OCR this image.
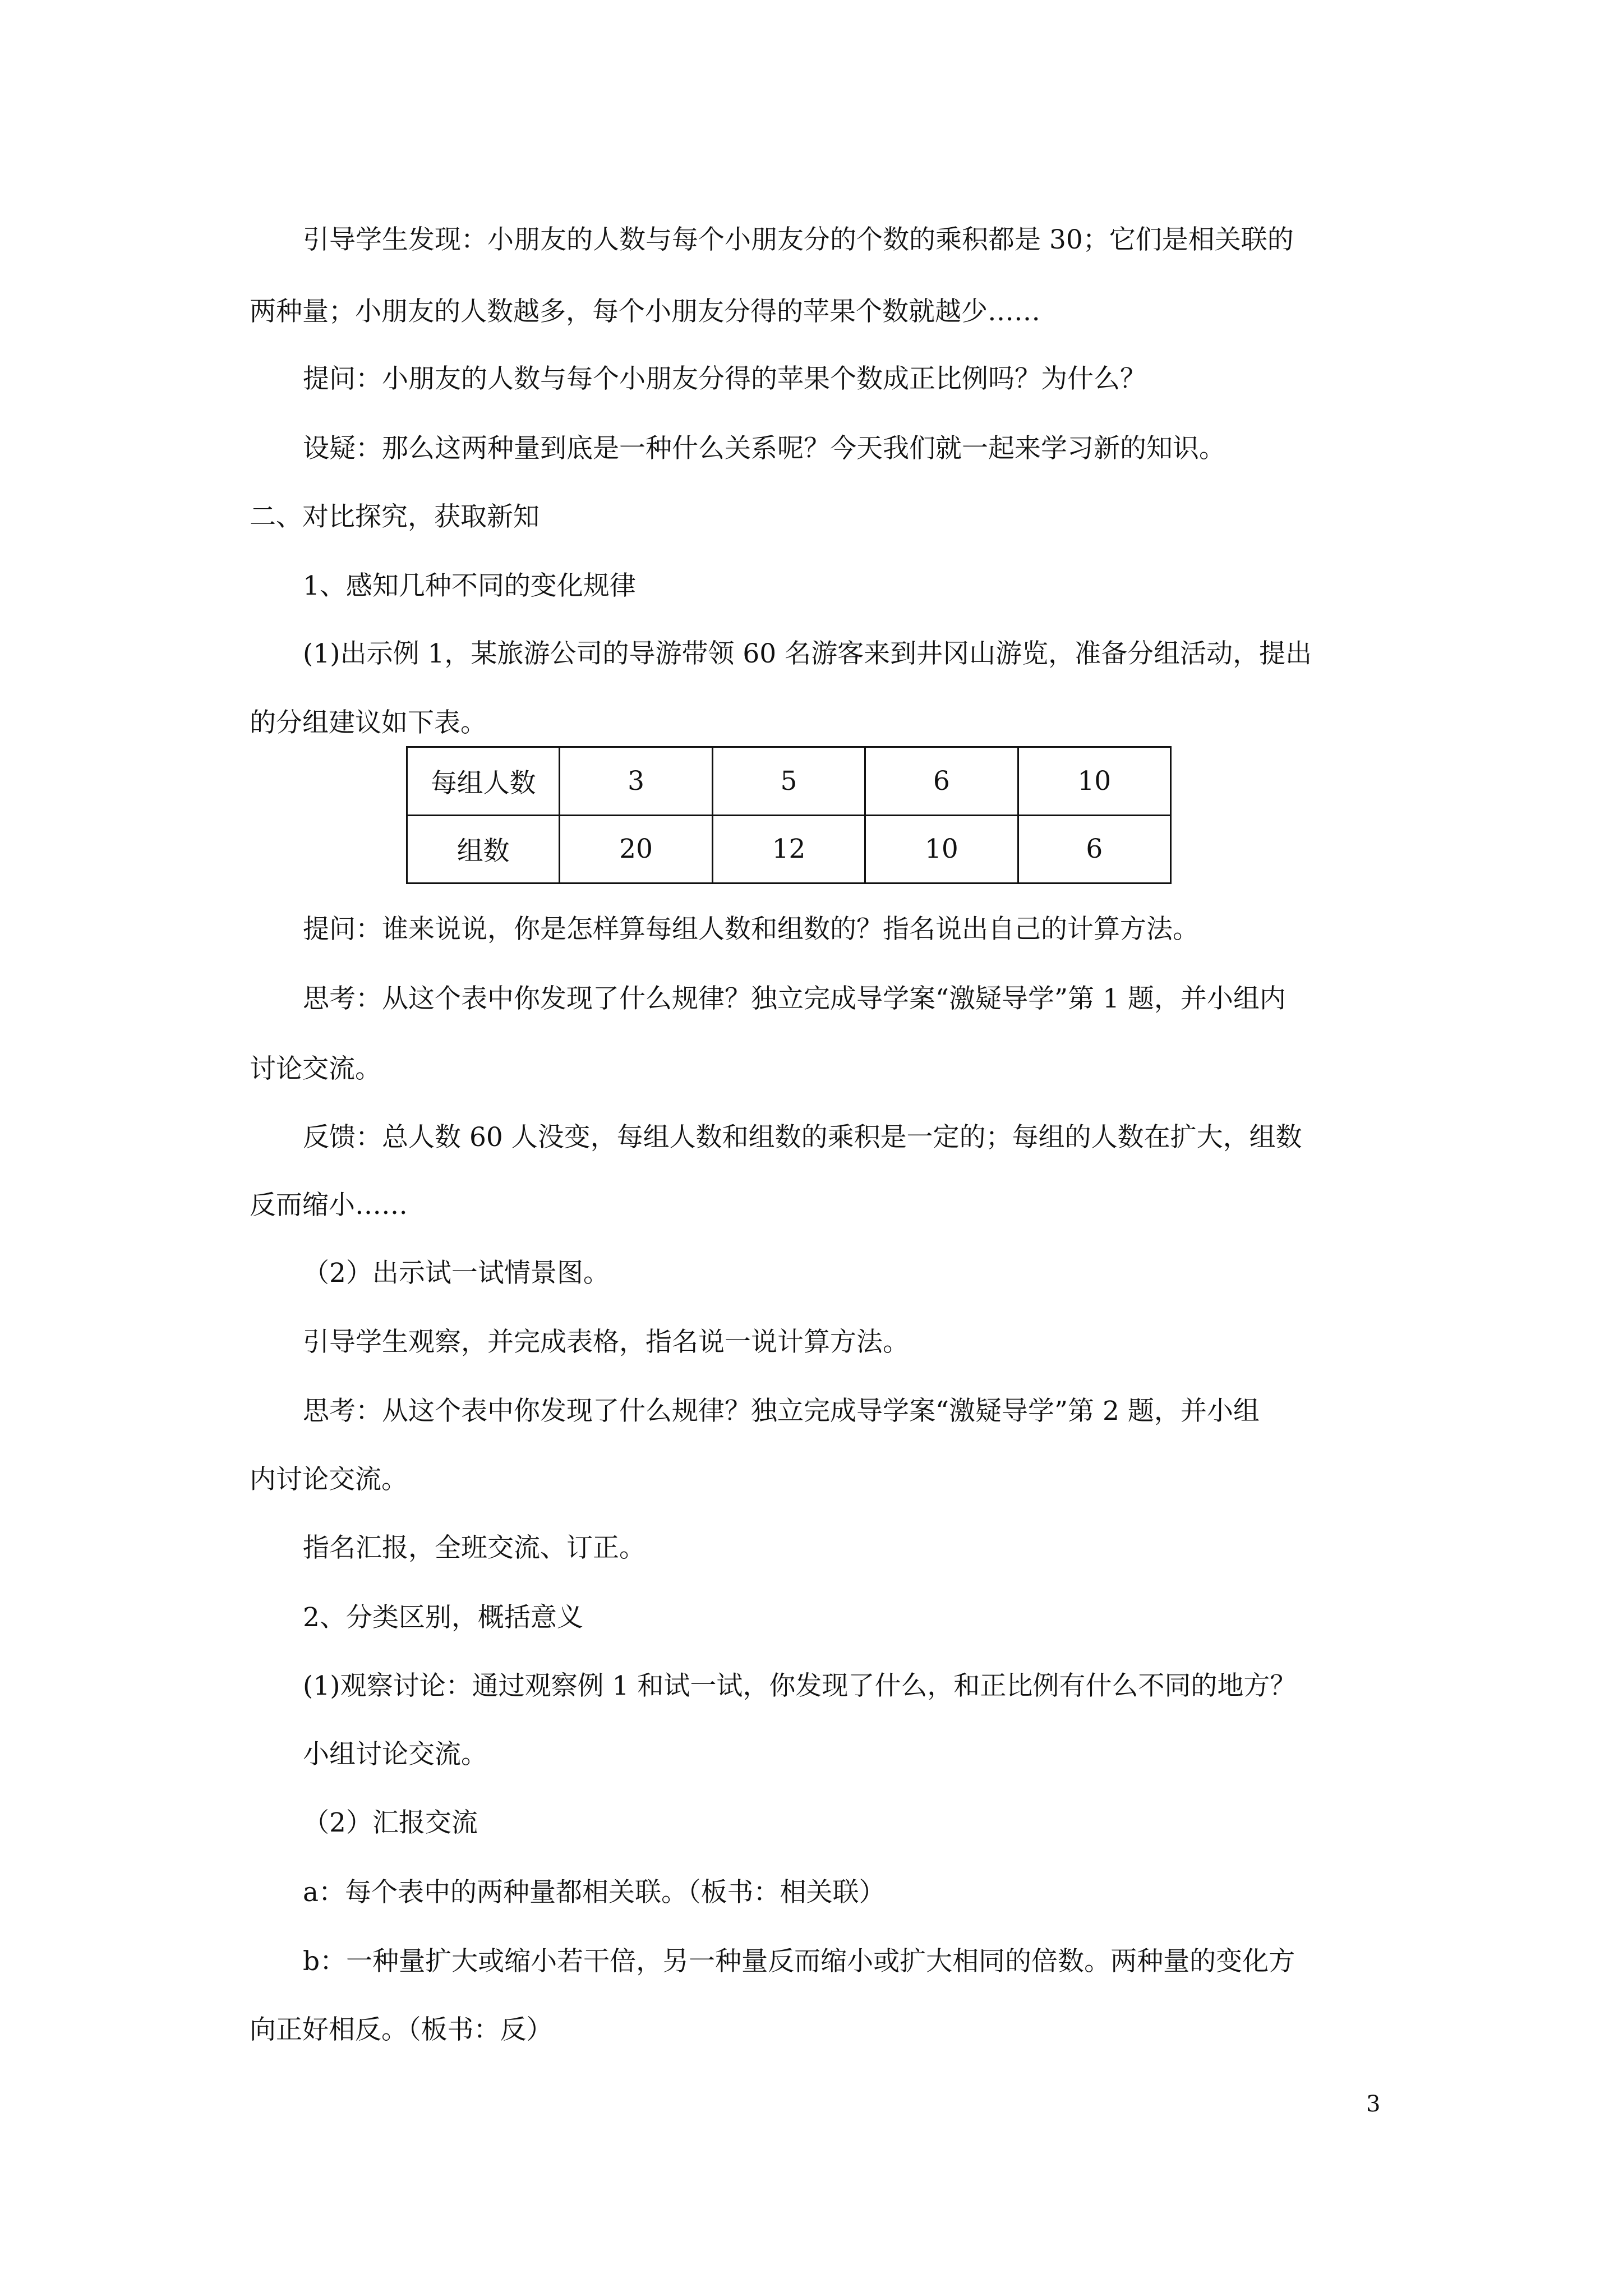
引导学生发现：小朋友的人数与每个小朋友分的个数的乘积都是 30；它们是相关联的
两种量；小朋友的人数越多，每个小朋友分得的苹果个数就越少……
提问：小朋友的人数与每个小朋友分得的苹果个数成正比例吗？为什么？
设疑：那么这两种量到底是一种什么关系呢？今天我们就一起来学习新的知识。
二、对比探究，获取新知
1、感知几种不同的变化规律
(1)出示例 1，某旅游公司的导游带领 60 名游客来到井冈山游览，准备分组活动，提出
的分组建议如下表。
每组人数	3	5	6	10
组数	20	12	10	6
提问：谁来说说，你是怎样算每组人数和组数的？指名说出自己的计算方法。
思考：从这个表中你发现了什么规律？独立完成导学案“激疑导学”第 1 题，并小组内
讨论交流。
反馈：总人数 60 人没变，每组人数和组数的乘积是一定的；每组的人数在扩大，组数
反而缩小……
（2）出示试一试情景图。
引导学生观察，并完成表格，指名说一说计算方法。
思考：从这个表中你发现了什么规律？独立完成导学案“激疑导学”第 2 题，并小组
内讨论交流。
指名汇报，全班交流、订正。
2、分类区别，概括意义
(1)观察讨论：通过观察例 1 和试一试，你发现了什么，和正比例有什么不同的地方？
小组讨论交流。
（2）汇报交流
a：每个表中的两种量都相关联。（板书：相关联）
b：一种量扩大或缩小若干倍，另一种量反而缩小或扩大相同的倍数。两种量的变化方
向正好相反。（板书：反）
3
